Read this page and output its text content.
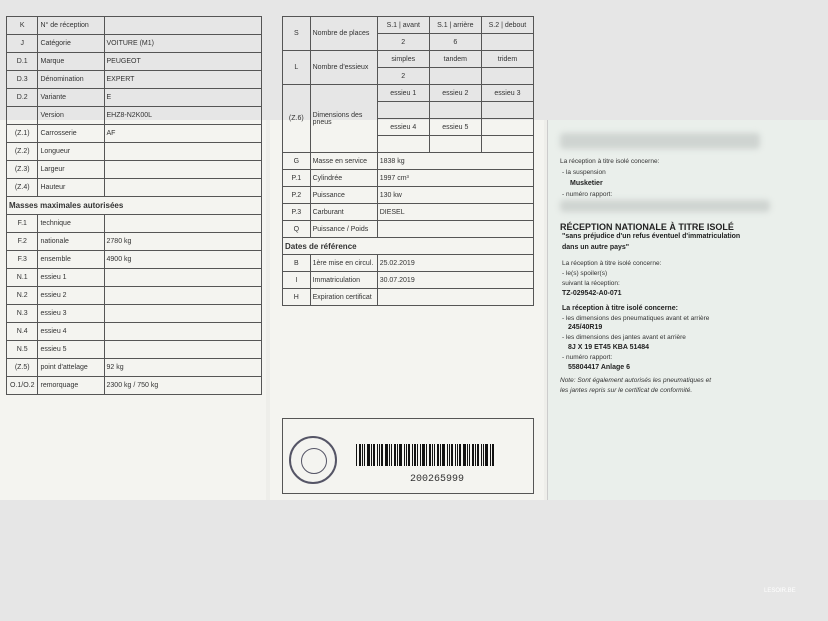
K	N° de réception	
J	Catégorie	VOITURE (M1)
D.1	Marque	PEUGEOT
D.3	Dénomination	EXPERT
D.2	Variante	E
	Version	EHZ8-N2K00L
(Z.1)	Carrosserie	AF
(Z.2)	Longueur	
(Z.3)	Largeur	
(Z.4)	Hauteur	
Masses maximales autorisées		
F.1	technique	
F.2	nationale	2780 kg
F.3	ensemble	4900 kg
N.1	essieu 1	
N.2	essieu 2	
N.3	essieu 3	
N.4	essieu 4	
N.5	essieu 5	
(Z.5)	point d'attelage	92 kg
O.1/O.2	remorquage	2300 kg / 750 kg
S	Nombre de places	S.1 | avant	S.1 | arrière	S.2 | debout
		2	6	
L	Nombre d'essieux	simples	tandem	tridem
		2		
(Z.6)	Dimensions des pneus	essieu 1	essieu 2	essieu 3

		essieu 4	essieu 5	

G	Masse en service	1838 kg		
P.1	Cylindrée	1997 cm³		
P.2	Puissance	130 kw		
P.3	Carburant	DIESEL		
Q	Puissance / Poids			
Dates de référence				
B	1ère mise en circul.	25.02.2019		
I	Immatriculation	30.07.2019		
H	Expiration certificat			
200265999
La réception à titre isolé concerne:
- la suspension
Musketier
- numéro rapport:
RÉCEPTION NATIONALE À TITRE ISOLÉ
"sans préjudice d'un refus éventuel d'immatriculation
dans un autre pays"
La réception à titre isolé concerne:
- le(s) spoiler(s)
suivant la réception:
TZ-029542-A0-071
La réception à titre isolé concerne:
- les dimensions des pneumatiques avant et arrière
245/40R19
- les dimensions des jantes avant et arrière
8J X 19 ET45 KBA 51484
- numéro rapport:
55804417 Anlage 6
Note: Sont également autorisés les pneumatiques et
les jantes repris sur le certificat de conformité.
LESOIR.BE
